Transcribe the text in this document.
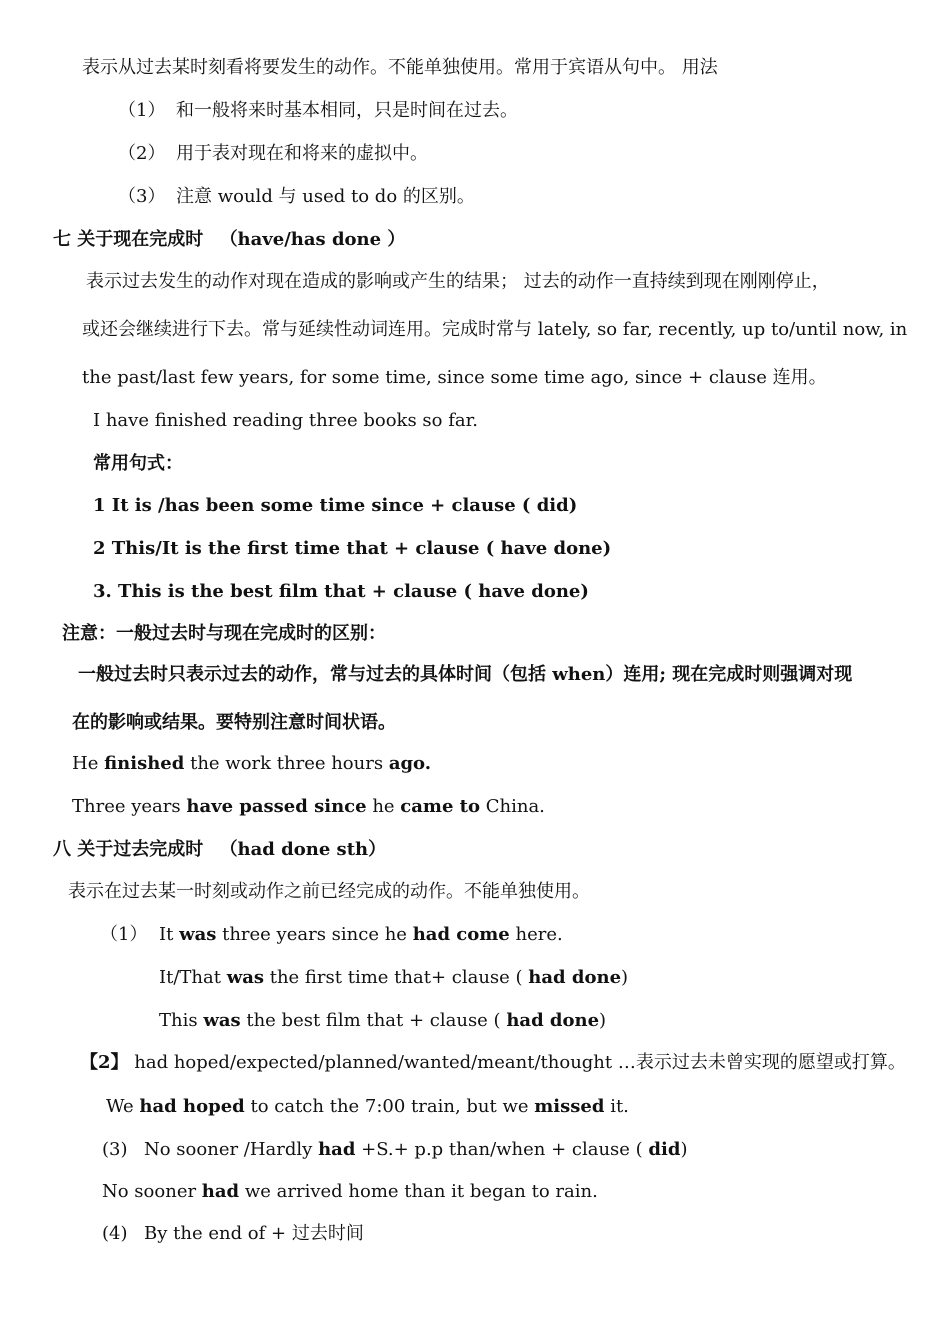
表示从过去某时刻看将要发生的动作。不能单独使用。常用于宾语从句中。 用法
（1） 和一般将来时基本相同，只是时间在过去。
（2） 用于表对现在和将来的虚拟中。
（3） 注意 would 与 used to do 的区别。
七 关于现在完成时 （have/has done ）
表示过去发生的动作对现在造成的影响或产生的结果； 过去的动作一直持续到现在刚刚停止，
或还会继续进行下去。常与延续性动词连用。完成时常与 lately, so far, recently, up to/until now, in
the past/last few years, for some time, since some time ago, since + clause 连用。
I have finished reading three books so far.
常用句式：
1 It is /has been some time since + clause ( did)
2 This/It is the first time that + clause ( have done)
3. This is the best film that + clause ( have done)
注意：一般过去时与现在完成时的区别：
一般过去时只表示过去的动作，常与过去的具体时间（包括 when）连用; 现在完成时则强调对现
在的影响或结果。要特别注意时间状语。
He finished the work three hours ago.
Three years have passed since he came to China.
八 关于过去完成时 （had done sth）
表示在过去某一时刻或动作之前已经完成的动作。不能单独使用。
（1） It was three years since he had come here.
It/That was the first time that+ clause ( had done)
This was the best film that + clause ( had done)
【2】 had hoped/expected/planned/wanted/meant/thought …表示过去未曾实现的愿望或打算。
We had hoped to catch the 7:00 train, but we missed it.
(3) No sooner /Hardly had +S.+ p.p than/when + clause ( did)
No sooner had we arrived home than it began to rain.
(4) By the end of + 过去时间
